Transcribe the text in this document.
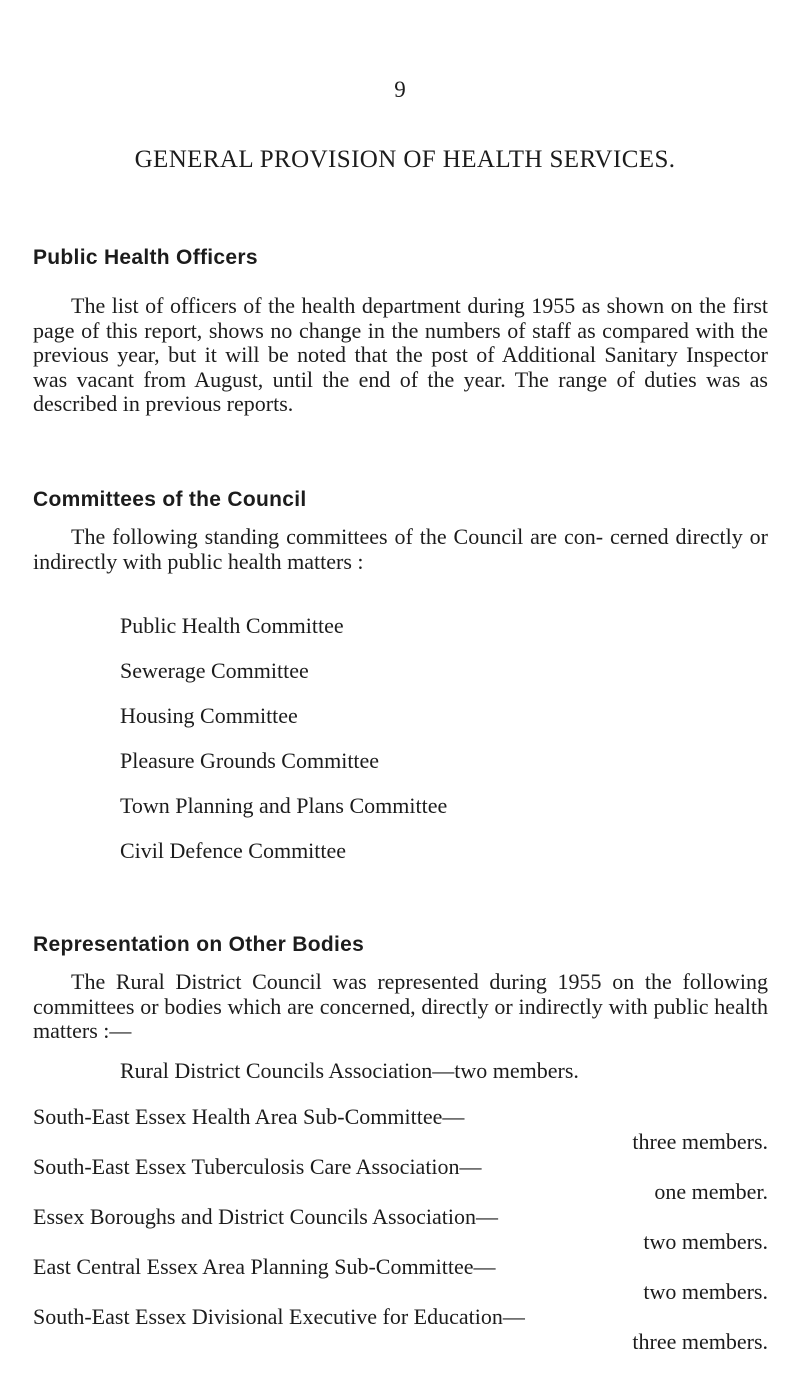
9
GENERAL PROVISION OF HEALTH SERVICES.
Public Health Officers

The list of officers of the health department during 1955 as shown on the first page of this report, shows no change in the numbers of staff as compared with the previous year, but it will be noted that the post of Additional Sanitary Inspector was vacant from August, until the end of the year. The range of duties was as described in previous reports.

Committees of the Council

The following standing committees of the Council are con- cerned directly or indirectly with public health matters :

Public Health Committee
Sewerage Committee
Housing Committee
Pleasure Grounds Committee
Town Planning and Plans Committee
Civil Defence Committee
Representation on Other Bodies

The Rural District Council was represented during 1955 on the following committees or bodies which are concerned, directly or indirectly with public health matters :—

Rural District Councils Association—two members.
South-East Essex Health Area Sub-Committee—
three members.
South-East Essex Tuberculosis Care Association—
one member.
Essex Boroughs and District Councils Association—
two members.
East Central Essex Area Planning Sub-Committee—
two members.
South-East Essex Divisional Executive for Education—
three members.
